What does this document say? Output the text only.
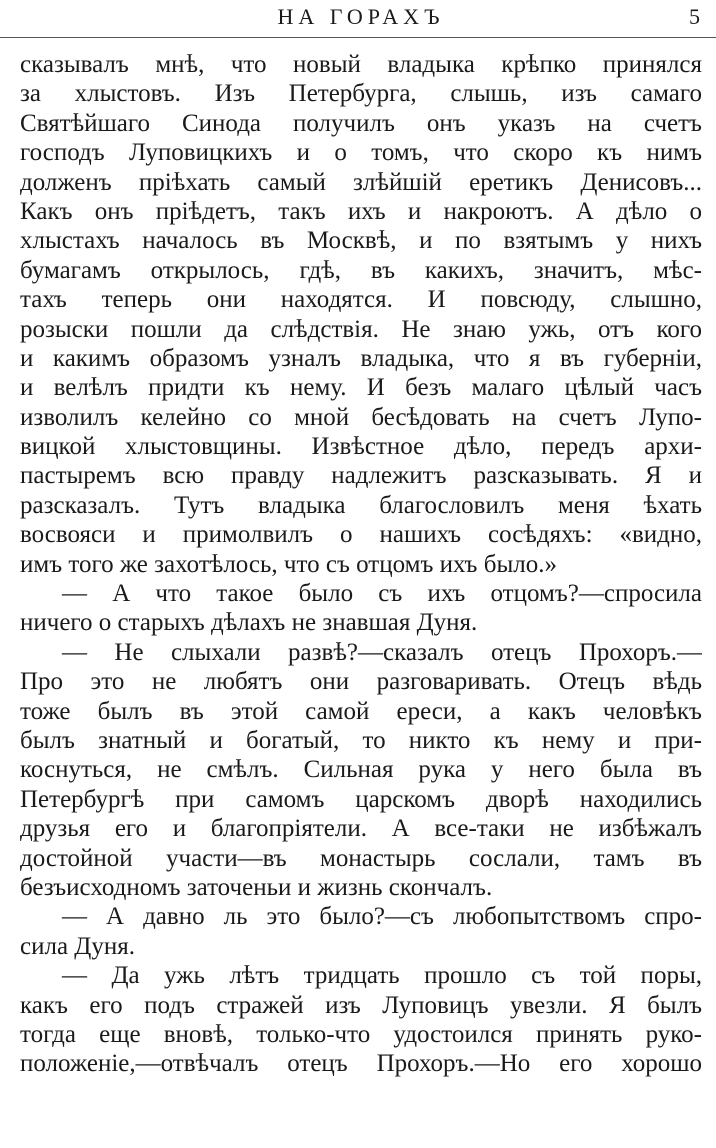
НА ГОРАХЪ	5
сказывалъ мнѣ, что новый владыка крѣпко принялся
за хлыстовъ. Изъ Петербурга, слышь, изъ самаго
Святѣйшаго Синода получилъ онъ указъ на счетъ
господъ Луповицкихъ и о томъ, что скоро къ нимъ
долженъ пріѣхать самый злѣйшій еретикъ Денисовъ...
Какъ онъ пріѣдетъ, такъ ихъ и накроютъ. А дѣло о
хлыстахъ началось въ Москвѣ, и по взятымъ у нихъ
бумагамъ открылось, гдѣ, въ какихъ, значитъ, мѣс-
тахъ теперь они находятся. И повсюду, слышно,
розыски пошли да слѣдствія. Не знаю ужь, отъ кого
и какимъ образомъ узналъ владыка, что я въ губерніи,
и велѣлъ придти къ нему. И безъ малаго цѣлый часъ
изволилъ келейно со мной бесѣдовать на счетъ Лупо-
вицкой хлыстовщины. Извѣстное дѣло, передъ архи-
пастыремъ всю правду надлежитъ разсказывать. Я и
разсказалъ. Тутъ владыка благословилъ меня ѣхать
восвояси и примолвилъ о нашихъ сосѣдяхъ: «видно,
имъ того же захотѣлось, что съ отцомъ ихъ было.»
— А что такое было съ ихъ отцомъ?—спросила
ничего о старыхъ дѣлахъ не знавшая Дуня.
— Не слыхали развѣ?—сказалъ отецъ Прохоръ.—
Про это не любятъ они разговаривать. Отецъ вѣдь
тоже былъ въ этой самой ереси, а какъ человѣкъ
былъ знатный и богатый, то никто къ нему и при-
коснуться, не смѣлъ. Сильная рука у него была въ
Петербургѣ при самомъ царскомъ дворѣ находились
друзья его и благопріятели. А все-таки не избѣжалъ
достойной участи—въ монастырь сослали, тамъ въ
безъисходномъ заточеньи и жизнь скончалъ.
— А давно ль это было?—съ любопытствомъ спро-
сила Дуня.
— Да ужь лѣтъ тридцать прошло съ той поры,
какъ его подъ стражей изъ Луповицъ увезли. Я былъ
тогда еще вновѣ, только-что удостоился принять руко-
положеніе,—отвѣчалъ отецъ Прохоръ.—Но его хорошо
